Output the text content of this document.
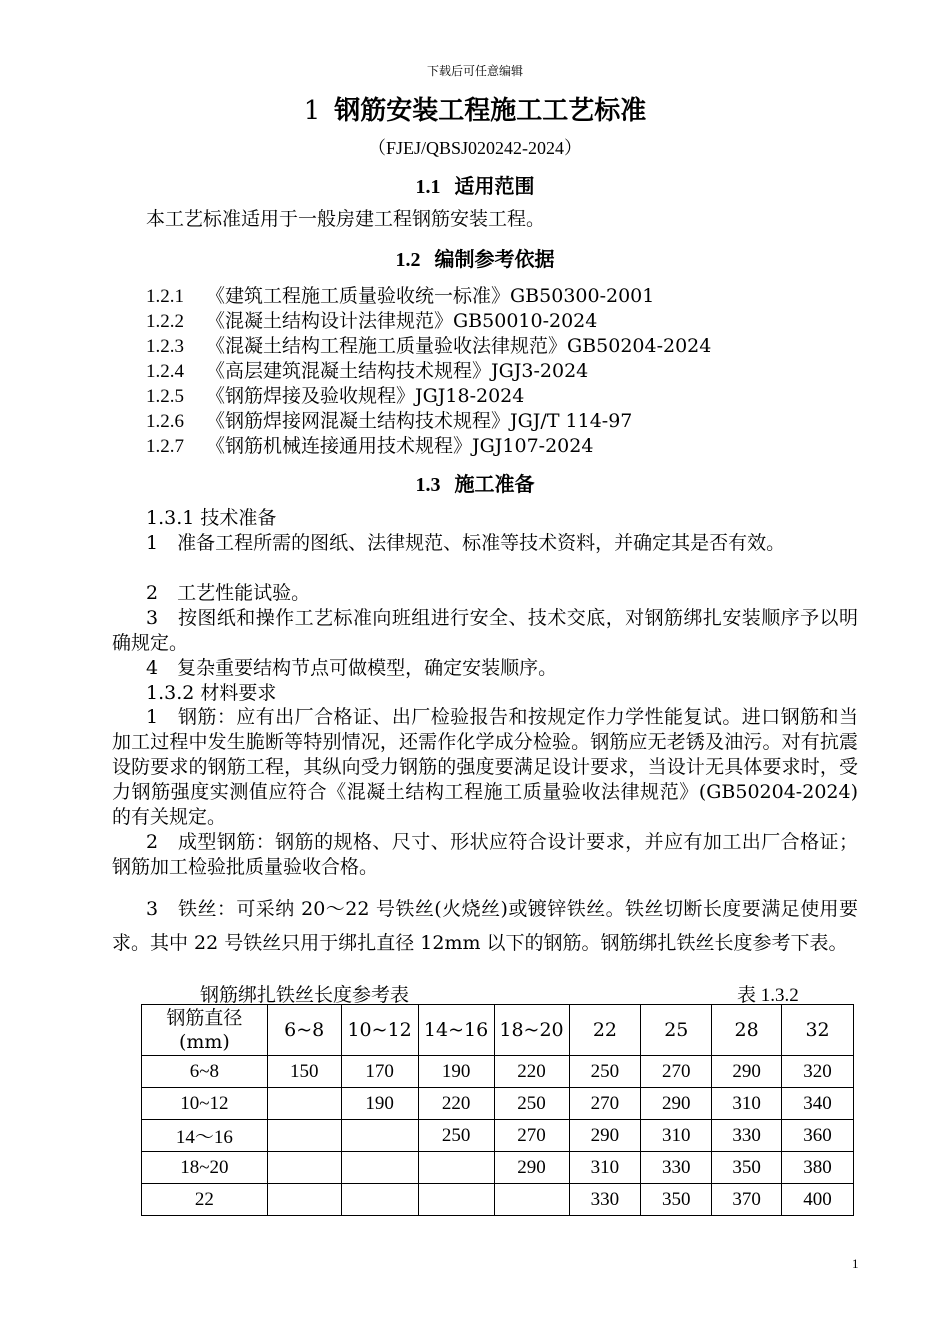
下载后可任意编辑
1 钢筋安装工程施工工艺标准
（FJEJ/QBSJ020242-2024）
1.1 适用范围
本工艺标准适用于一般房建工程钢筋安装工程。
1.2 编制参考依据
1.2.1 《建筑工程施工质量验收统一标准》GB50300-2001
1.2.2 《混凝土结构设计法律规范》GB50010-2024
1.2.3 《混凝土结构工程施工质量验收法律规范》GB50204-2024
1.2.4 《高层建筑混凝土结构技术规程》JGJ3-2024
1.2.5 《钢筋焊接及验收规程》JGJ18-2024
1.2.6 《钢筋焊接网混凝土结构技术规程》JGJ/T 114-97
1.2.7 《钢筋机械连接通用技术规程》JGJ107-2024
1.3 施工准备
1.3.1 技术准备
1　准备工程所需的图纸、法律规范、标准等技术资料，并确定其是否有效。
2　工艺性能试验。
3　按图纸和操作工艺标准向班组进行安全、技术交底，对钢筋绑扎安装顺序予以明确规定。
4　复杂重要结构节点可做模型，确定安装顺序。
1.3.2 材料要求
1　钢筋：应有出厂合格证、出厂检验报告和按规定作力学性能复试。进口钢筋和当加工过程中发生脆断等特别情况，还需作化学成分检验。钢筋应无老锈及油污。对有抗震设防要求的钢筋工程，其纵向受力钢筋的强度要满足设计要求，当设计无具体要求时，受力钢筋强度实测值应符合《混凝土结构工程施工质量验收法律规范》(GB50204-2024)的有关规定。
2　成型钢筋：钢筋的规格、尺寸、形状应符合设计要求，并应有加工出厂合格证；钢筋加工检验批质量验收合格。
3　铁丝：可采纳 20～22 号铁丝(火烧丝)或镀锌铁丝。铁丝切断长度要满足使用要求。其中 22 号铁丝只用于绑扎直径 12mm 以下的钢筋。钢筋绑扎铁丝长度参考下表。
钢筋绑扎铁丝长度参考表	表 1.3.2
钢筋直径(mm)	6~8	10~12	14~16	18~20	22	25	28	32
6~8	150	170	190	220	250	270	290	320
10~12		190	220	250	270	290	310	340
14～16			250	270	290	310	330	360
18~20				290	310	330	350	380
22					330	350	370	400
1
